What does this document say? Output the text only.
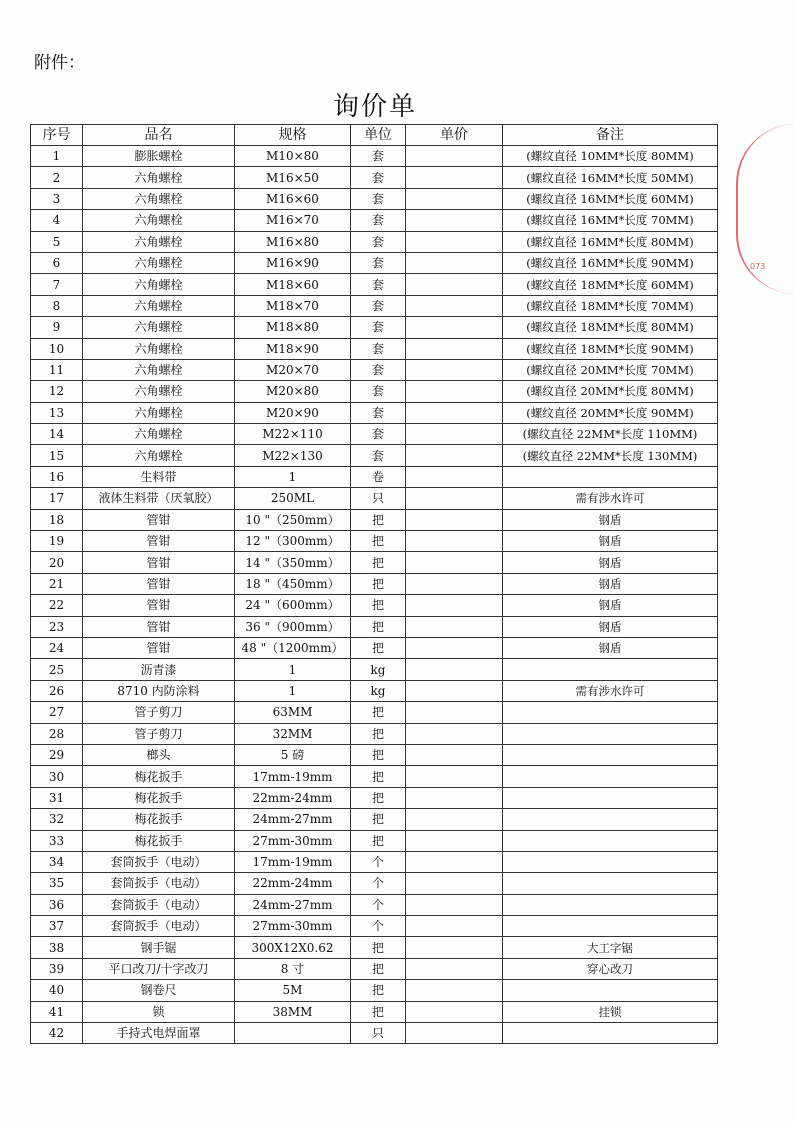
附件：
询价单
073
序号	品名	规格	单位	单价	备注
1	膨胀螺栓	M10×80	套		(螺纹直径 10MM*长度 80MM)
2	六角螺栓	M16×50	套		(螺纹直径 16MM*长度 50MM)
3	六角螺栓	M16×60	套		(螺纹直径 16MM*长度 60MM)
4	六角螺栓	M16×70	套		(螺纹直径 16MM*长度 70MM)
5	六角螺栓	M16×80	套		(螺纹直径 16MM*长度 80MM)
6	六角螺栓	M16×90	套		(螺纹直径 16MM*长度 90MM)
7	六角螺栓	M18×60	套		(螺纹直径 18MM*长度 60MM)
8	六角螺栓	M18×70	套		(螺纹直径 18MM*长度 70MM)
9	六角螺栓	M18×80	套		(螺纹直径 18MM*长度 80MM)
10	六角螺栓	M18×90	套		(螺纹直径 18MM*长度 90MM)
11	六角螺栓	M20×70	套		(螺纹直径 20MM*长度 70MM)
12	六角螺栓	M20×80	套		(螺纹直径 20MM*长度 80MM)
13	六角螺栓	M20×90	套		(螺纹直径 20MM*长度 90MM)
14	六角螺栓	M22×110	套		(螺纹直径 22MM*长度 110MM)
15	六角螺栓	M22×130	套		(螺纹直径 22MM*长度 130MM)
16	生料带	1	卷		
17	液体生料带（厌氧胶）	250ML	只		需有涉水许可
18	管钳	10 "（250mm）	把		钢盾
19	管钳	12 "（300mm）	把		钢盾
20	管钳	14 "（350mm）	把		钢盾
21	管钳	18 "（450mm）	把		钢盾
22	管钳	24 "（600mm）	把		钢盾
23	管钳	36 "（900mm）	把		钢盾
24	管钳	48 "（1200mm）	把		钢盾
25	沥青漆	1	kg		
26	8710 内防涂料	1	kg		需有涉水许可
27	管子剪刀	63MM	把		
28	管子剪刀	32MM	把		
29	榔头	5 磅	把		
30	梅花扳手	17mm-19mm	把		
31	梅花扳手	22mm-24mm	把		
32	梅花扳手	24mm-27mm	把		
33	梅花扳手	27mm-30mm	把		
34	套筒扳手（电动）	17mm-19mm	个		
35	套筒扳手（电动）	22mm-24mm	个		
36	套筒扳手（电动）	24mm-27mm	个		
37	套筒扳手（电动）	27mm-30mm	个		
38	钢手锯	300X12X0.62	把		大工字锯
39	平口改刀/十字改刀	8 寸	把		穿心改刀
40	钢卷尺	5M	把		
41	锁	38MM	把		挂锁
42	手持式电焊面罩		只		
